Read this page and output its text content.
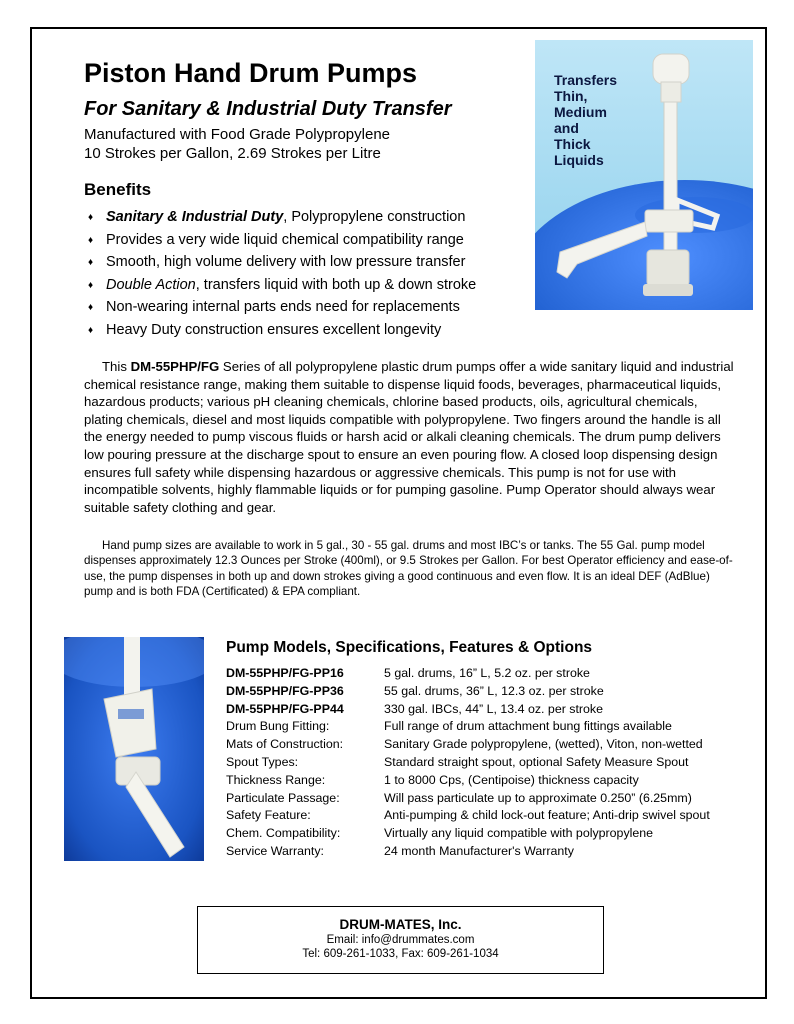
Piston Hand Drum Pumps
For Sanitary & Industrial Duty Transfer
Manufactured with Food Grade Polypropylene
10 Strokes per Gallon, 2.69 Strokes per Litre
Benefits
♦ Sanitary & Industrial Duty, Polypropylene construction
♦ Provides a very wide liquid chemical compatibility range
♦ Smooth, high volume delivery with low pressure transfer
♦ Double Action, transfers liquid with both up & down stroke
♦ Non-wearing internal parts ends need for replacements
♦ Heavy Duty construction ensures excellent longevity
Transfers
Thin,
Medium
and
Thick
Liquids

This DM-55PHP/FG Series of all polypropylene plastic drum pumps offer a wide sanitary liquid and industrial chemical resistance range, making them suitable to dispense liquid foods, beverages, pharmaceutical liquids, hazardous products; various pH cleaning chemicals, chlorine based products, oils, agricultural chemicals, plating chemicals, diesel and most liquids compatible with polypropylene. Two fingers around the handle is all the energy needed to pump viscous fluids or harsh acid or alkali cleaning chemicals. The drum pump delivers low pouring pressure at the discharge spout to ensure an even pouring flow. A closed loop dispensing design ensures full safety while dispensing hazardous or aggressive chemicals. This pump is not for use with incompatible solvents, highly flammable liquids or for pumping gasoline. Pump Operator should always wear suitable safety clothing and gear.

Hand pump sizes are available to work in 5 gal., 30 - 55 gal. drums and most IBC’s or tanks. The 55 Gal. pump model dispenses approximately 12.3 Ounces per Stroke (400ml), or 9.5 Strokes per Gallon. For best Operator efficiency and ease-of-use, the pump dispenses in both up and down strokes giving a good continuous and even flow. It is an ideal DEF (AdBlue) pump and is both FDA (Certificated) & EPA compliant.

Pump Models, Specifications, Features & Options
DM-55PHP/FG-PP16	5 gal. drums, 16” L, 5.2 oz. per stroke
DM-55PHP/FG-PP36	55 gal. drums, 36” L, 12.3 oz. per stroke
DM-55PHP/FG-PP44	330 gal. IBCs, 44” L, 13.4 oz. per stroke
Drum Bung Fitting:	Full range of drum attachment bung fittings available
Mats of Construction:	Sanitary Grade polypropylene, (wetted), Viton, non-wetted
Spout Types:	Standard straight spout, optional Safety Measure Spout
Thickness Range:	1 to 8000 Cps, (Centipoise) thickness capacity
Particulate Passage:	Will pass particulate up to approximate 0.250” (6.25mm)
Safety Feature:	Anti-pumping & child lock-out feature; Anti-drip swivel spout
Chem. Compatibility:	Virtually any liquid compatible with polypropylene
Service Warranty:	24 month Manufacturer's Warranty
DRUM-MATES, Inc.
Email: info@drummates.com
Tel: 609-261-1033, Fax: 609-261-1034
